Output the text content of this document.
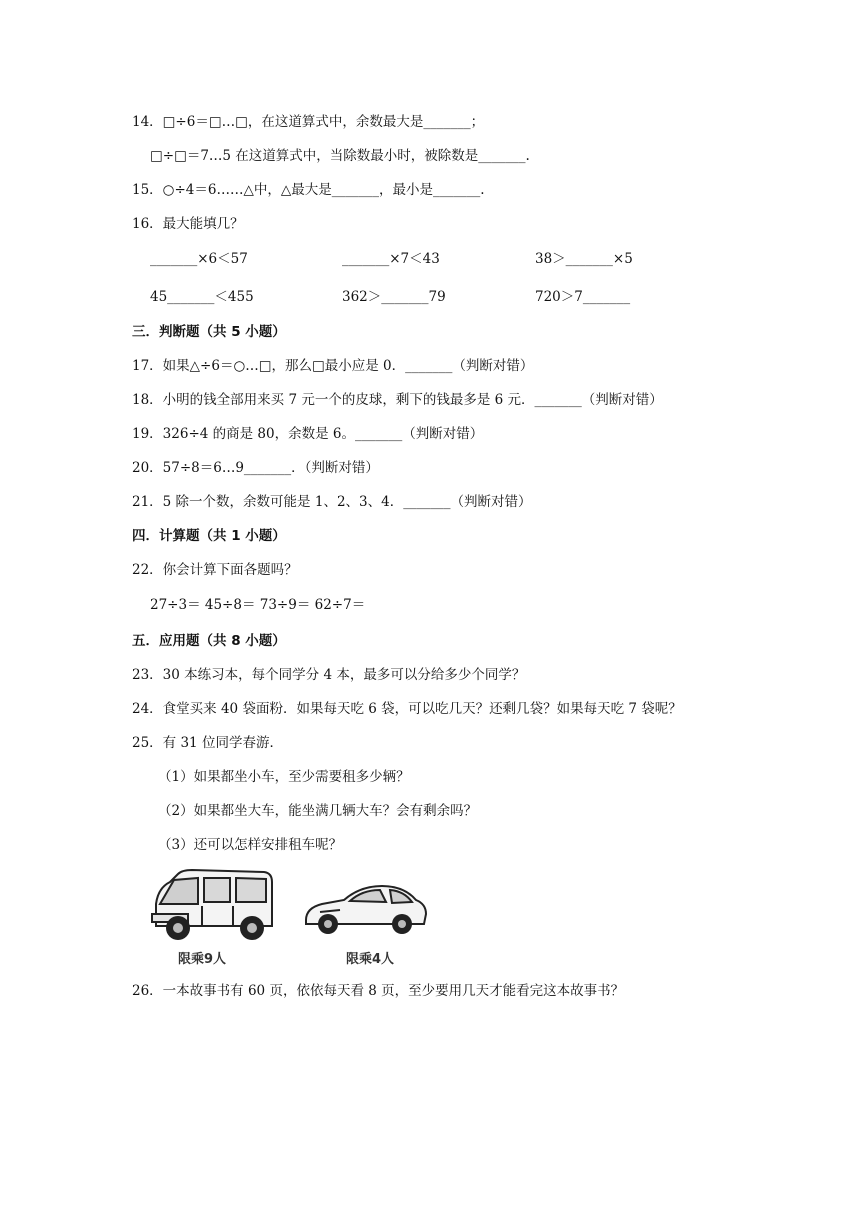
14．□÷6＝□…□，在这道算式中，余数最大是_______；
□÷□＝7…5 在这道算式中，当除数最小时，被除数是_______.
15．○÷4＝6……△中，△最大是_______，最小是_______.
16．最大能填几？
_______×6＜57	_______×7＜43	38＞_______×5
45_______＜455	362＞_______79	720＞7_______
三．判断题（共 5 小题）
17．如果△÷6＝○…□，那么□最小应是 0．_______（判断对错）
18．小明的钱全部用来买 7 元一个的皮球，剩下的钱最多是 6 元．_______（判断对错）
19．326÷4 的商是 80，余数是 6。_______（判断对错）
20．57÷8＝6…9_______．（判断对错）
21．5 除一个数，余数可能是 1、2、3、4．_______（判断对错）
四．计算题（共 1 小题）
22．你会计算下面各题吗？
27÷3＝ 45÷8＝ 73÷9＝ 62÷7＝
五．应用题（共 8 小题）
23．30 本练习本，每个同学分 4 本，最多可以分给多少个同学？
24．食堂买来 40 袋面粉．如果每天吃 6 袋，可以吃几天？还剩几袋？如果每天吃 7 袋呢？
25．有 31 位同学春游．
（1）如果都坐小车，至少需要租多少辆？
（2）如果都坐大车，能坐满几辆大车？会有剩余吗？
（3）还可以怎样安排租车呢？
限乘9人	限乘4人
26．一本故事书有 60 页，依依每天看 8 页，至少要用几天才能看完这本故事书？
